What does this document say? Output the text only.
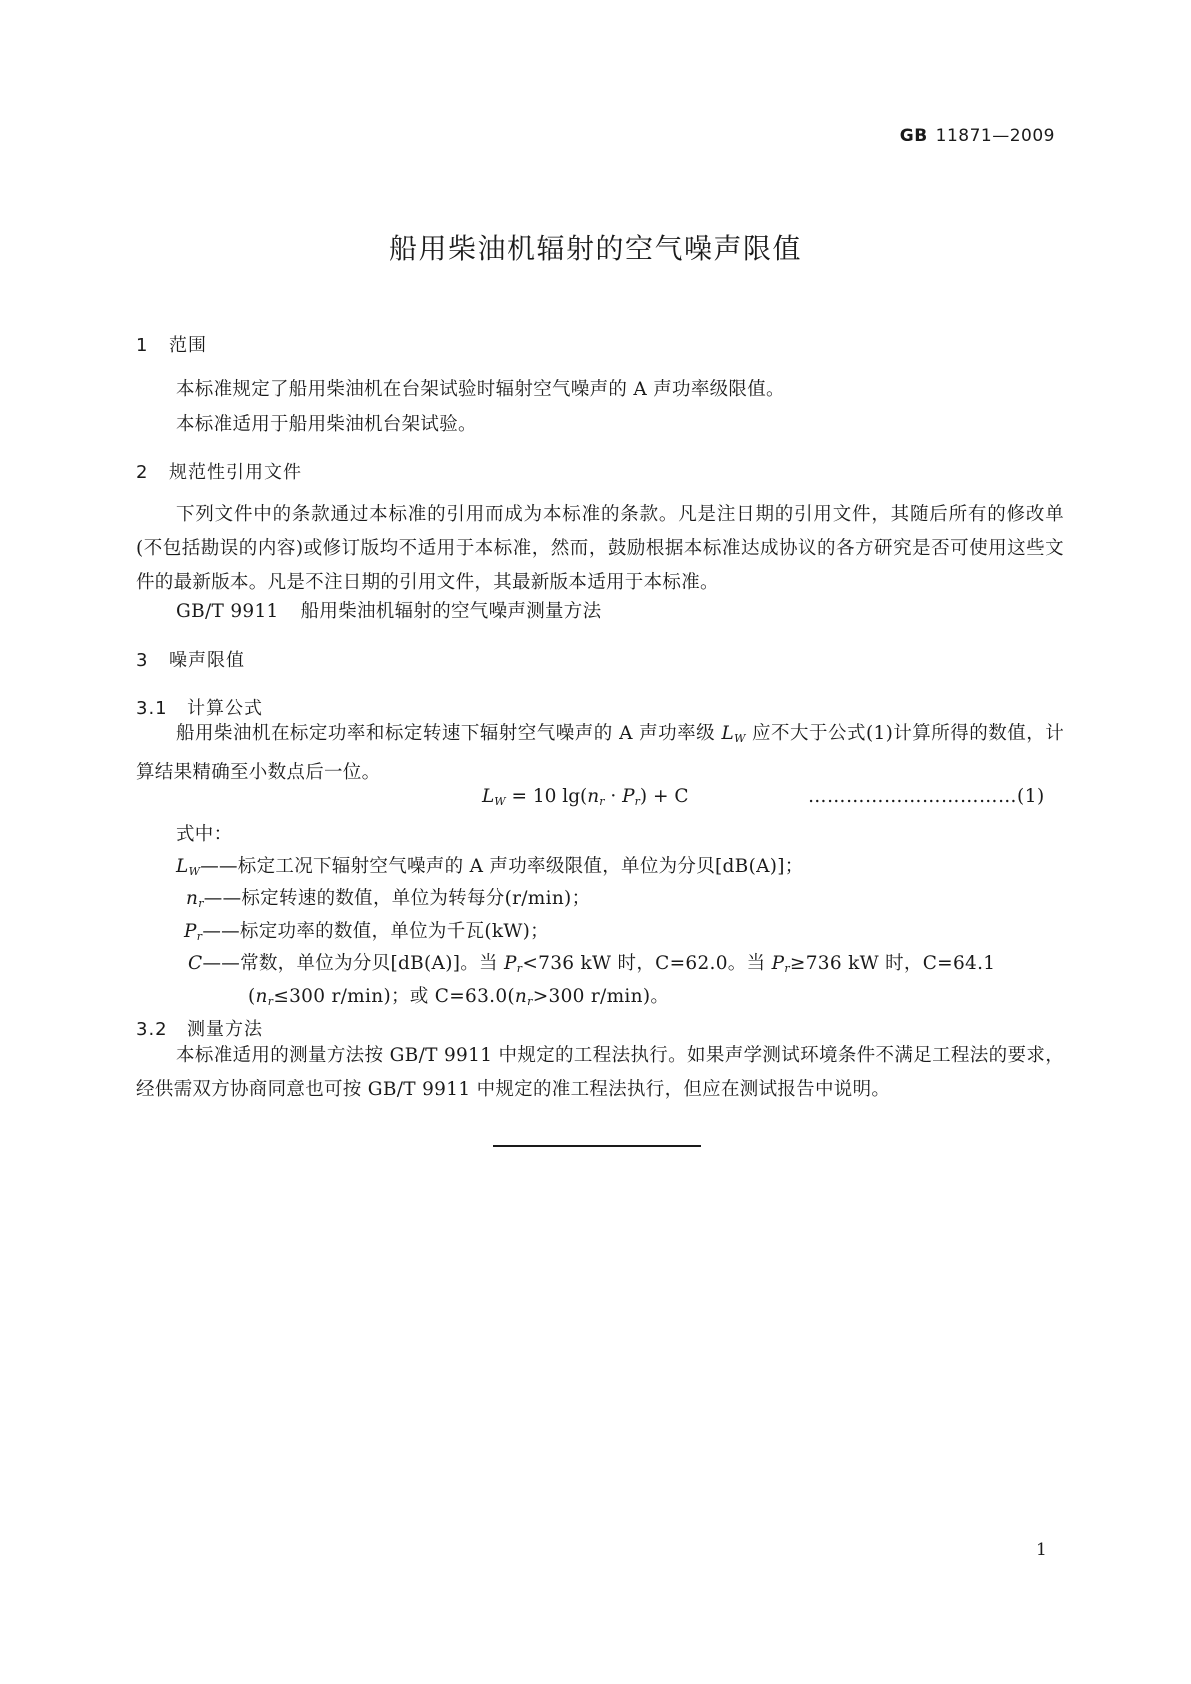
GB 11871—2009
船用柴油机辐射的空气噪声限值
1 范围
本标准规定了船用柴油机在台架试验时辐射空气噪声的 A 声功率级限值。
本标准适用于船用柴油机台架试验。
2 规范性引用文件
下列文件中的条款通过本标准的引用而成为本标准的条款。凡是注日期的引用文件，其随后所有的修改单(不包括勘误的内容)或修订版均不适用于本标准，然而，鼓励根据本标准达成协议的各方研究是否可使用这些文件的最新版本。凡是不注日期的引用文件，其最新版本适用于本标准。
GB/T 9911 船用柴油机辐射的空气噪声测量方法
3 噪声限值
3.1 计算公式
船用柴油机在标定功率和标定转速下辐射空气噪声的 A 声功率级 $L_W$ 应不大于公式(1)计算所得的数值，计算结果精确至小数点后一位。
$L_W = 10$ $\lg(n_r \cdot P_r) + C$	……………………………(1)
式中：
$L_W——$标定工况下辐射空气噪声的 A 声功率级限值，单位为分贝[dB(A)]；
$n_r——$标定转速的数值，单位为转每分(r/min)；
$P_r——$标定功率的数值，单位为千瓦(kW)；
C——常数，单位为分贝[dB(A)]。当 $P_r<736$ kW 时，C=62.0。当 $P_r\ge 736$ kW 时，C=64.1
($n_r\le 300$ r/min)；或 $C=63.0(n_r>300$ r/min)。
3.2 测量方法
本标准适用的测量方法按 GB/T 9911 中规定的工程法执行。如果声学测试环境条件不满足工程法的要求，经供需双方协商同意也可按 GB/T 9911 中规定的准工程法执行，但应在测试报告中说明。
1
